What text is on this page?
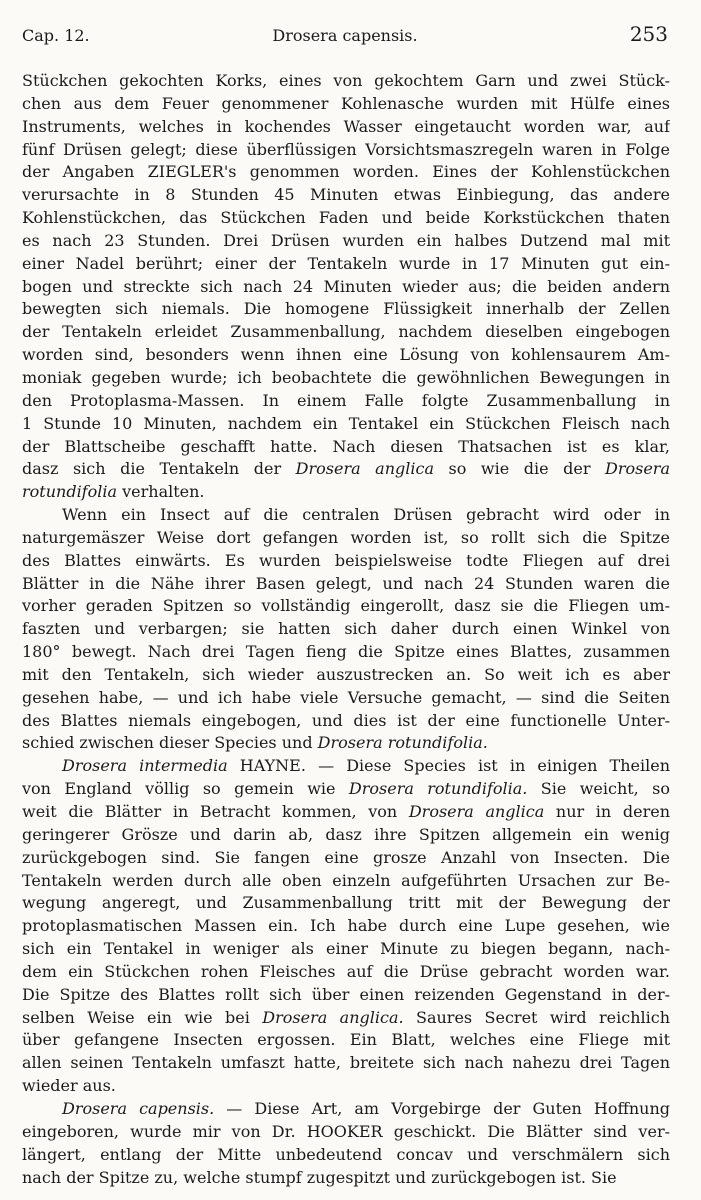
Cap. 12.	Drosera capensis.	253
Stückchen gekochten Korks, eines von gekochtem Garn und zwei Stück-
chen aus dem Feuer genommener Kohlenasche wurden mit Hülfe eines
Instruments, welches in kochendes Wasser eingetaucht worden war, auf
fünf Drüsen gelegt; diese überflüssigen Vorsichtsmaszregeln waren in Folge
der Angaben ZIEGLER's genommen worden. Eines der Kohlenstückchen
verursachte in 8 Stunden 45 Minuten etwas Einbiegung, das andere
Kohlenstückchen, das Stückchen Faden und beide Korkstückchen thaten
es nach 23 Stunden. Drei Drüsen wurden ein halbes Dutzend mal mit
einer Nadel berührt; einer der Tentakeln wurde in 17 Minuten gut ein-
bogen und streckte sich nach 24 Minuten wieder aus; die beiden andern
bewegten sich niemals. Die homogene Flüssigkeit innerhalb der Zellen
der Tentakeln erleidet Zusammenballung, nachdem dieselben eingebogen
worden sind, besonders wenn ihnen eine Lösung von kohlensaurem Am-
moniak gegeben wurde; ich beobachtete die gewöhnlichen Bewegungen in
den Protoplasma-Massen. In einem Falle folgte Zusammenballung in
1 Stunde 10 Minuten, nachdem ein Tentakel ein Stückchen Fleisch nach
der Blattscheibe geschafft hatte. Nach diesen Thatsachen ist es klar,
dasz sich die Tentakeln der Drosera anglica so wie die der Drosera
rotundifolia verhalten.
Wenn ein Insect auf die centralen Drüsen gebracht wird oder in
naturgemäszer Weise dort gefangen worden ist, so rollt sich die Spitze
des Blattes einwärts. Es wurden beispielsweise todte Fliegen auf drei
Blätter in die Nähe ihrer Basen gelegt, und nach 24 Stunden waren die
vorher geraden Spitzen so vollständig eingerollt, dasz sie die Fliegen um-
faszten und verbargen; sie hatten sich daher durch einen Winkel von
180° bewegt. Nach drei Tagen fieng die Spitze eines Blattes, zusammen
mit den Tentakeln, sich wieder auszustrecken an. So weit ich es aber
gesehen habe, — und ich habe viele Versuche gemacht, — sind die Seiten
des Blattes niemals eingebogen, und dies ist der eine functionelle Unter-
schied zwischen dieser Species und Drosera rotundifolia.
Drosera intermedia HAYNE. — Diese Species ist in einigen Theilen
von England völlig so gemein wie Drosera rotundifolia. Sie weicht, so
weit die Blätter in Betracht kommen, von Drosera anglica nur in deren
geringerer Grösze und darin ab, dasz ihre Spitzen allgemein ein wenig
zurückgebogen sind. Sie fangen eine grosze Anzahl von Insecten. Die
Tentakeln werden durch alle oben einzeln aufgeführten Ursachen zur Be-
wegung angeregt, und Zusammenballung tritt mit der Bewegung der
protoplasmatischen Massen ein. Ich habe durch eine Lupe gesehen, wie
sich ein Tentakel in weniger als einer Minute zu biegen begann, nach-
dem ein Stückchen rohen Fleisches auf die Drüse gebracht worden war.
Die Spitze des Blattes rollt sich über einen reizenden Gegenstand in der-
selben Weise ein wie bei Drosera anglica. Saures Secret wird reichlich
über gefangene Insecten ergossen. Ein Blatt, welches eine Fliege mit
allen seinen Tentakeln umfaszt hatte, breitete sich nach nahezu drei Tagen
wieder aus.
Drosera capensis. — Diese Art, am Vorgebirge der Guten Hoffnung
eingeboren, wurde mir von Dr. HOOKER geschickt. Die Blätter sind ver-
längert, entlang der Mitte unbedeutend concav und verschmälern sich
nach der Spitze zu, welche stumpf zugespitzt und zurückgebogen ist. Sie
